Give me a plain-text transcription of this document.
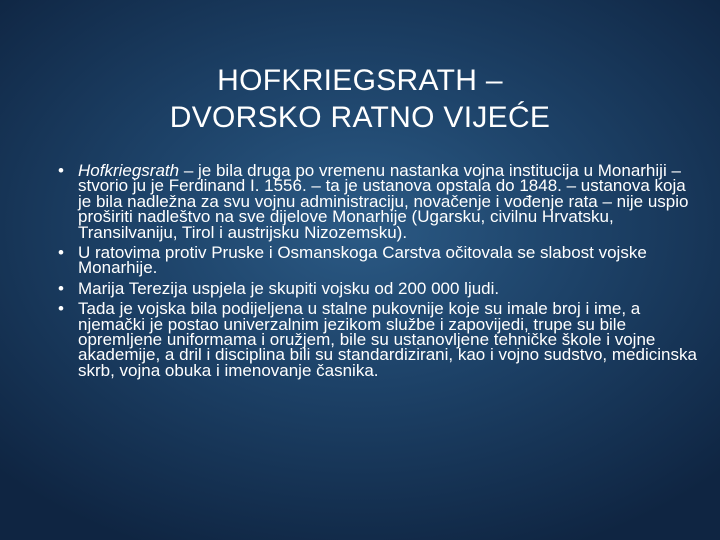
HOFKRIEGSRATH –
DVORSKO RATNO VIJEĆE
• Hofkriegsrath – je bila druga po vremenu nastanka vojna institucija u Monarhiji – stvorio ju je Ferdinand I. 1556. – ta je ustanova opstala do 1848. – ustanova koja je bila nadležna za svu vojnu administraciju, novačenje i vođenje rata – nije uspio proširiti nadleštvo na sve dijelove Monarhije (Ugarsku, civilnu Hrvatsku, Transilvaniju, Tirol i austrijsku Nizozemsku).
• U ratovima protiv Pruske i Osmanskoga Carstva očitovala se slabost vojske Monarhije.
• Marija Terezija uspjela je skupiti vojsku od 200 000 ljudi.
• Tada je vojska bila podijeljena u stalne pukovnije koje su imale broj i ime, a njemački je postao univerzalnim jezikom službe i zapovijedi, trupe su bile opremljene uniformama i oružjem, bile su ustanovljene tehničke škole i vojne akademije, a dril i disciplina bili su standardizirani, kao i vojno sudstvo, medicinska skrb, vojna obuka i imenovanje časnika.
